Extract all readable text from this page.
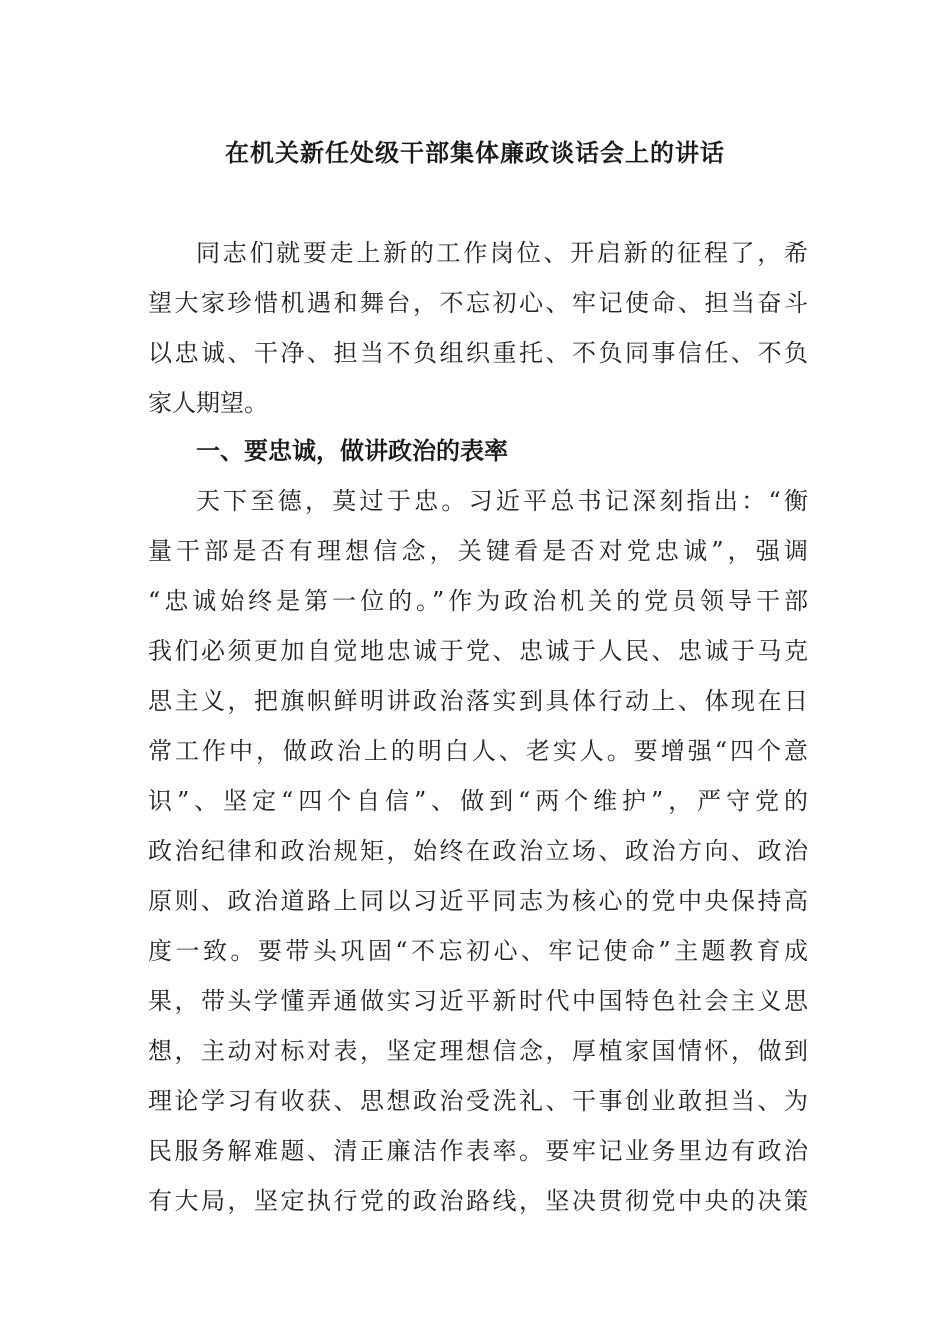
在机关新任处级干部集体廉政谈话会上的讲话
同志们就要走上新的工作岗位、开启新的征程了，希
望大家珍惜机遇和舞台，不忘初心、牢记使命、担当奋斗
以忠诚、干净、担当不负组织重托、不负同事信任、不负
家人期望。
一、要忠诚，做讲政治的表率
天下至德，莫过于忠。习近平总书记深刻指出：“衡
量干部是否有理想信念，关键看是否对党忠诚”，强调
“忠诚始终是第一位的。”作为政治机关的党员领导干部
我们必须更加自觉地忠诚于党、忠诚于人民、忠诚于马克
思主义，把旗帜鲜明讲政治落实到具体行动上、体现在日
常工作中，做政治上的明白人、老实人。要增强“四个意
识”、坚定“四个自信”、做到“两个维护”，严守党的
政治纪律和政治规矩，始终在政治立场、政治方向、政治
原则、政治道路上同以习近平同志为核心的党中央保持高
度一致。要带头巩固“不忘初心、牢记使命”主题教育成
果，带头学懂弄通做实习近平新时代中国特色社会主义思
想，主动对标对表，坚定理想信念，厚植家国情怀，做到
理论学习有收获、思想政治受洗礼、干事创业敢担当、为
民服务解难题、清正廉洁作表率。要牢记业务里边有政治
有大局，坚定执行党的政治路线，坚决贯彻党中央的决策
